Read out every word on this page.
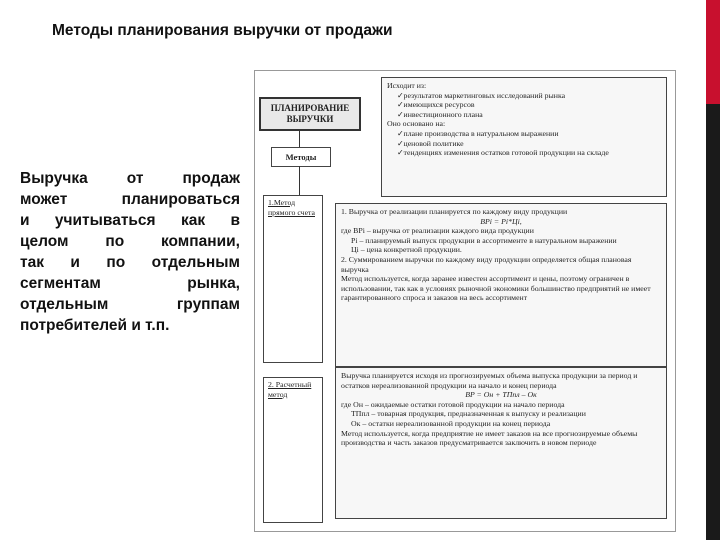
Методы планирования выручки от продажи
Выручка от продаж
может планироваться
и учитываться как в
целом по компании,
так и по отдельным
сегментам рынка,
отдельным группам
потребителей и т.п.
ПЛАНИРОВАНИЕ ВЫРУЧКИ
Методы

Исходит из:

✓ результатов маркетинговых исследований рынка

✓ имеющихся ресурсов

✓ инвестиционного плана

Оно основано на:

✓ плане производства в натуральном выражении

✓ ценовой политике

✓ тенденциях изменения остатков готовой продукции на складе

1.Метод прямого счета	1. Выручка от реализации планируется по каждому виду продукции

BPi = Pi*Ці,

где BPi – выручка от реализации каждого вида продукции

Pi – планируемый выпуск продукции в ассортименте в натуральном выражении

Ці – цена конкретной продукции.

2. Суммированием выручки по каждому виду продукции определяется общая плановая выручка

Метод используется, когда заранее известен ассортимент и цены, поэтому ограничен в использовании, так как в условиях рыночной экономики большинство предприятий не имеет гарантированного спроса и заказов на весь ассортимент

2. Расчетный метод

Выручка планируется исходя из прогнозируемых объема выпуска продукции за период и остатков нереализованной продукции на начало и конец периода

BP = Он + ТПпл – Ок

где Он – ожидаемые остатки готовой продукции на начало периода

ТПпл – товарная продукция, предназначенная к выпуску и реализации

Ок – остатки нереализованной продукции на конец периода

Метод используется, когда предприятие не имеет заказов на все прогнозируемые объемы производства и часть заказов предусматривается заключить в новом периоде
